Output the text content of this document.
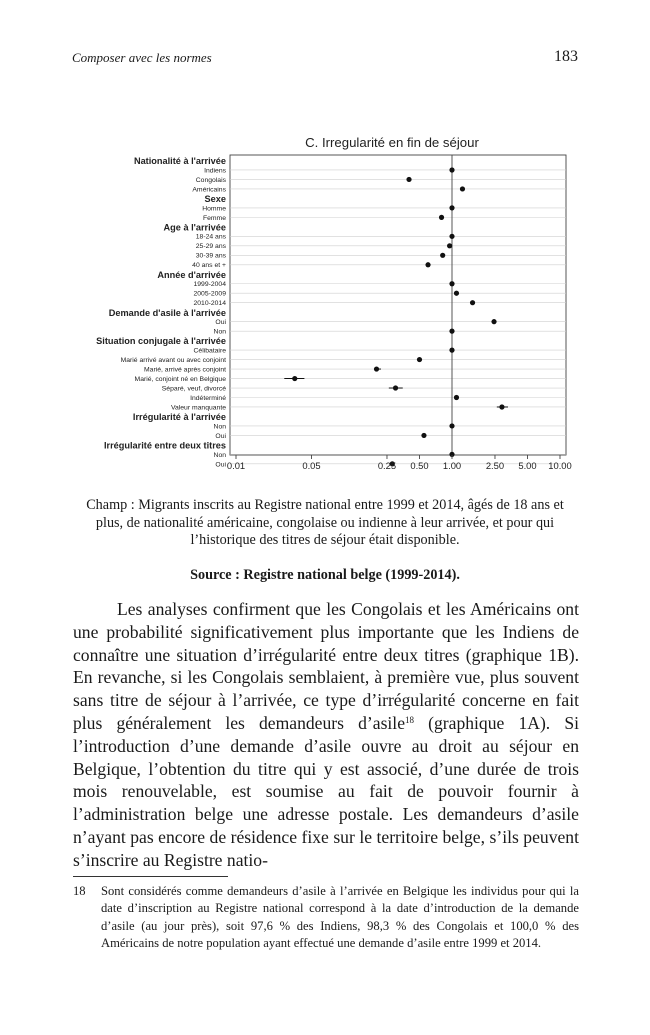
Composer avec les normes	183
C. Irregularité en fin de séjour
Nationalité à l'arrivée
Indiens
Congolais
Américains
Sexe
Homme
Femme
Age à l'arrivée
18-24 ans
25-29 ans
30-39 ans
40 ans et +
Année d'arrivée
1999-2004
2005-2009
2010-2014
Demande d'asile à l'arrivée
Oui
Non
Situation conjugale à l'arrivée
Célibataire
Marié arrivé avant ou avec conjoint
Marié, arrivé après conjoint
Marié, conjoint né en Belgique
Séparé, veuf, divorcé
Indéterminé
Valeur manquante
Irrégularité à l'arrivée
Non
Oui
Irrégularité entre deux titres
Non
Oui 0.01	0.05	0.25 0.50 1.00	2.50 5.00 10.00
Champ : Migrants inscrits au Registre national entre 1999 et 2014, âgés de 18 ans et plus, de nationalité américaine, congolaise ou indienne à leur arrivée, et pour qui l’historique des titres de séjour était disponible.
Source : Registre national belge (1999-2014).
Les analyses confirment que les Congolais et les Américains ont une probabilité significativement plus importante que les Indiens de connaître une situation d’irrégularité entre deux titres (graphique 1B). En revanche, si les Congolais semblaient, à première vue, plus souvent sans titre de séjour à l’arrivée, ce type d’irrégularité concerne en fait plus généralement les demandeurs d’asile$^{18}$ (graphique 1A). Si l’introduction d’une demande d’asile ouvre au droit au séjour en Belgique, l’obtention du titre qui y est associé, d’une durée de trois mois renouvelable, est soumise au fait de pouvoir fournir à l’administration belge une adresse postale. Les demandeurs d’asile n’ayant pas encore de résidence fixe sur le territoire belge, s’ils peuvent s’inscrire au Registre natio-
18 Sont considérés comme demandeurs d’asile à l’arrivée en Belgique les individus pour qui la date d’inscription au Registre national correspond à la date d’introduction de la demande d’asile (au jour près), soit 97,6 % des Indiens, 98,3 % des Congolais et 100,0 % des Américains de notre population ayant effectué une demande d’asile entre 1999 et 2014.
